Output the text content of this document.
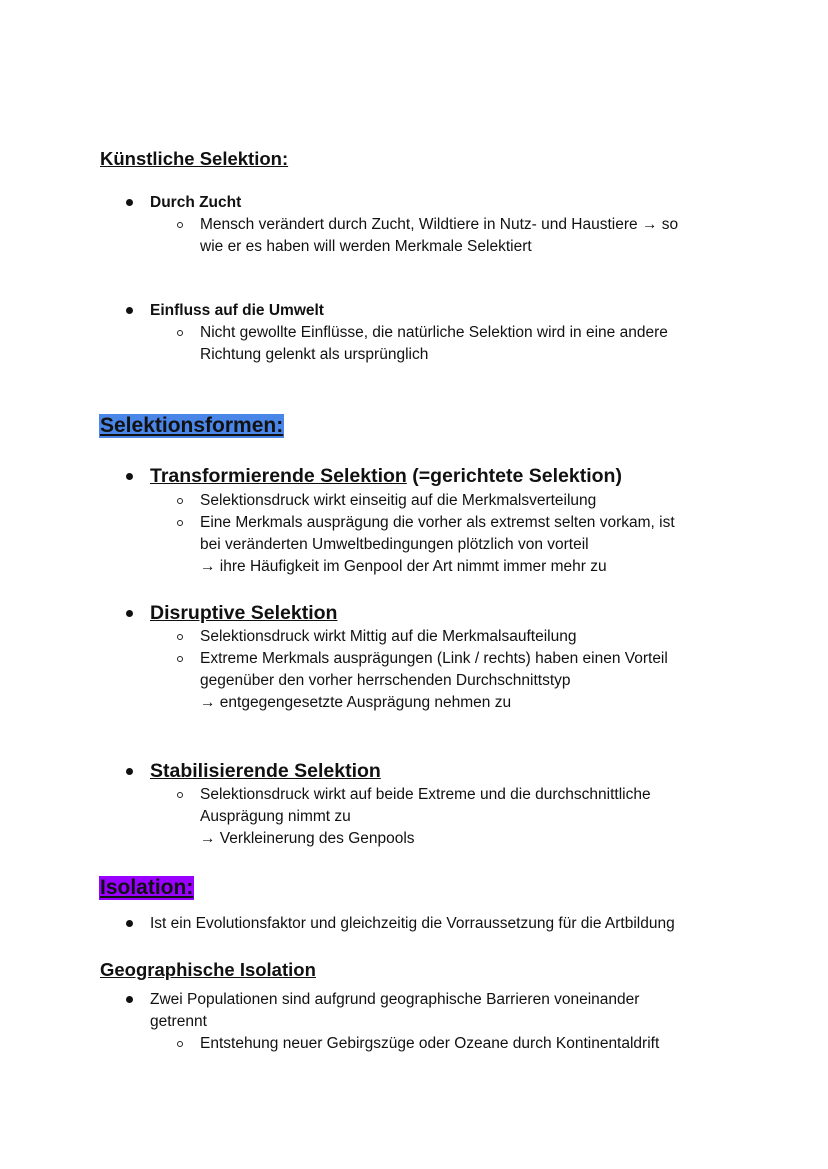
Künstliche Selektion:
Durch Zucht
Mensch verändert durch Zucht, Wildtiere in Nutz- und Haustiere → so
wie er es haben will werden Merkmale Selektiert
Einfluss auf die Umwelt
Nicht gewollte Einflüsse, die natürliche Selektion wird in eine andere
Richtung gelenkt als ursprünglich
Selektionsformen:
Transformierende Selektion (=gerichtete Selektion)
Selektionsdruck wirkt einseitig auf die Merkmalsverteilung
Eine Merkmals ausprägung die vorher als extremst selten vorkam, ist
bei veränderten Umweltbedingungen plötzlich von vorteil
→ ihre Häufigkeit im Genpool der Art nimmt immer mehr zu
Disruptive Selektion
Selektionsdruck wirkt Mittig auf die Merkmalsaufteilung
Extreme Merkmals ausprägungen (Link / rechts) haben einen Vorteil
gegenüber den vorher herrschenden Durchschnittstyp
→ entgegengesetzte Ausprägung nehmen zu
Stabilisierende Selektion
Selektionsdruck wirkt auf beide Extreme und die durchschnittliche
Ausprägung nimmt zu
→ Verkleinerung des Genpools
Isolation:
Ist ein Evolutionsfaktor und gleichzeitig die Vorraussetzung für die Artbildung
Geographische Isolation
Zwei Populationen sind aufgrund geographische Barrieren voneinander
getrennt
Entstehung neuer Gebirgszüge oder Ozeane durch Kontinentaldrift
